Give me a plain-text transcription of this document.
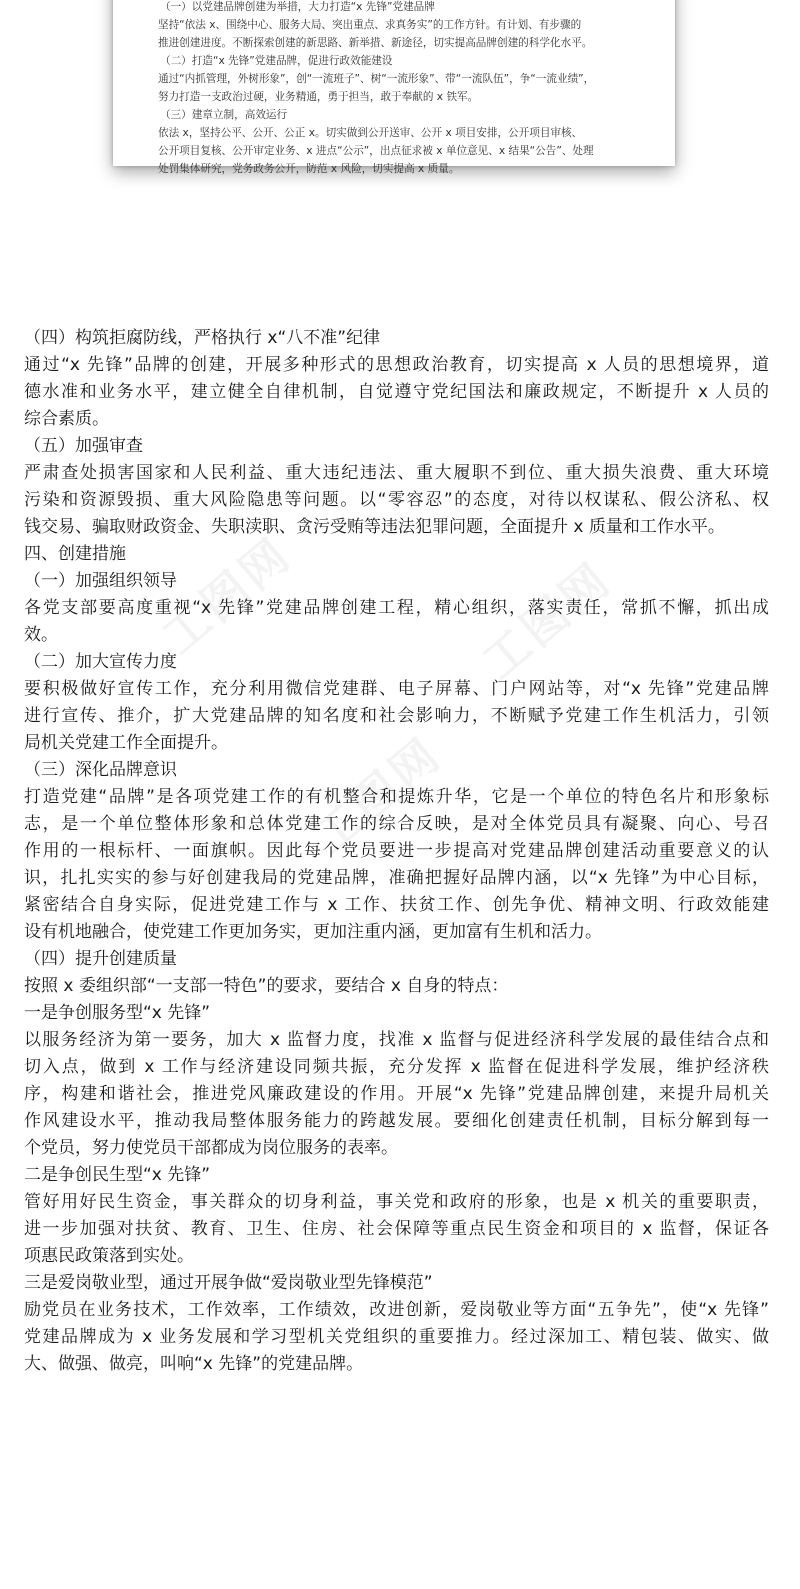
（一）以党建品牌创建为举措，大力打造“x 先锋”党建品牌
坚持“依法 x、围绕中心、服务大局、突出重点、求真务实”的工作方针。有计划、有步骤的
推进创建进度。不断探索创建的新思路、新举措、新途径，切实提高品牌创建的科学化水平。
（二）打造“x 先锋”党建品牌，促进行政效能建设
通过“内抓管理，外树形象”，创“一流班子”、树“一流形象”、带“一流队伍”，争“一流业绩”，
努力打造一支政治过硬，业务精通，勇于担当，敢于奉献的 x 铁军。
（三）建章立制，高效运行
依法 x，坚持公平、公开、公正 x。切实做到公开送审、公开 x 项目安排，公开项目审核、
公开项目复核、公开审定业务、x 进点“公示”，出点征求被 x 单位意见、x 结果“公告”、处理
处罚集体研究，党务政务公开，防范 x 风险，切实提高 x 质量。
工图网	工图网
工图网
（四）构筑拒腐防线，严格执行 x“八不准”纪律
通过“x 先锋”品牌的创建，开展多种形式的思想政治教育，切实提高 x 人员的思想境界，道
德水准和业务水平，建立健全自律机制，自觉遵守党纪国法和廉政规定，不断提升 x 人员的
综合素质。
（五）加强审查
严肃查处损害国家和人民利益、重大违纪违法、重大履职不到位、重大损失浪费、重大环境
污染和资源毁损、重大风险隐患等问题。以“零容忍”的态度，对待以权谋私、假公济私、权
钱交易、骗取财政资金、失职渎职、贪污受贿等违法犯罪问题，全面提升 x 质量和工作水平。
四、创建措施
（一）加强组织领导
各党支部要高度重视“x 先锋”党建品牌创建工程，精心组织，落实责任，常抓不懈，抓出成
效。
（二）加大宣传力度
要积极做好宣传工作，充分利用微信党建群、电子屏幕、门户网站等，对“x 先锋”党建品牌
进行宣传、推介，扩大党建品牌的知名度和社会影响力，不断赋予党建工作生机活力，引领
局机关党建工作全面提升。
（三）深化品牌意识
打造党建“品牌”是各项党建工作的有机整合和提炼升华，它是一个单位的特色名片和形象标
志，是一个单位整体形象和总体党建工作的综合反映，是对全体党员具有凝聚、向心、号召
作用的一根标杆、一面旗帜。因此每个党员要进一步提高对党建品牌创建活动重要意义的认
识，扎扎实实的参与好创建我局的党建品牌，准确把握好品牌内涵，以“x 先锋”为中心目标，
紧密结合自身实际，促进党建工作与 x 工作、扶贫工作、创先争优、精神文明、行政效能建
设有机地融合，使党建工作更加务实，更加注重内涵，更加富有生机和活力。
（四）提升创建质量
按照 x 委组织部“一支部一特色”的要求，要结合 x 自身的特点：
一是争创服务型“x 先锋”
以服务经济为第一要务，加大 x 监督力度，找准 x 监督与促进经济科学发展的最佳结合点和
切入点，做到 x 工作与经济建设同频共振，充分发挥 x 监督在促进科学发展，维护经济秩
序，构建和谐社会，推进党风廉政建设的作用。开展“x 先锋”党建品牌创建，来提升局机关
作风建设水平，推动我局整体服务能力的跨越发展。要细化创建责任机制，目标分解到每一
个党员，努力使党员干部都成为岗位服务的表率。
二是争创民生型“x 先锋”
管好用好民生资金，事关群众的切身利益，事关党和政府的形象，也是 x 机关的重要职责，
进一步加强对扶贫、教育、卫生、住房、社会保障等重点民生资金和项目的 x 监督，保证各
项惠民政策落到实处。
三是爱岗敬业型，通过开展争做“爱岗敬业型先锋模范”
励党员在业务技术，工作效率，工作绩效，改进创新，爱岗敬业等方面“五争先”，使“x 先锋”
党建品牌成为 x 业务发展和学习型机关党组织的重要推力。经过深加工、精包装、做实、做
大、做强、做亮，叫响“x 先锋”的党建品牌。
